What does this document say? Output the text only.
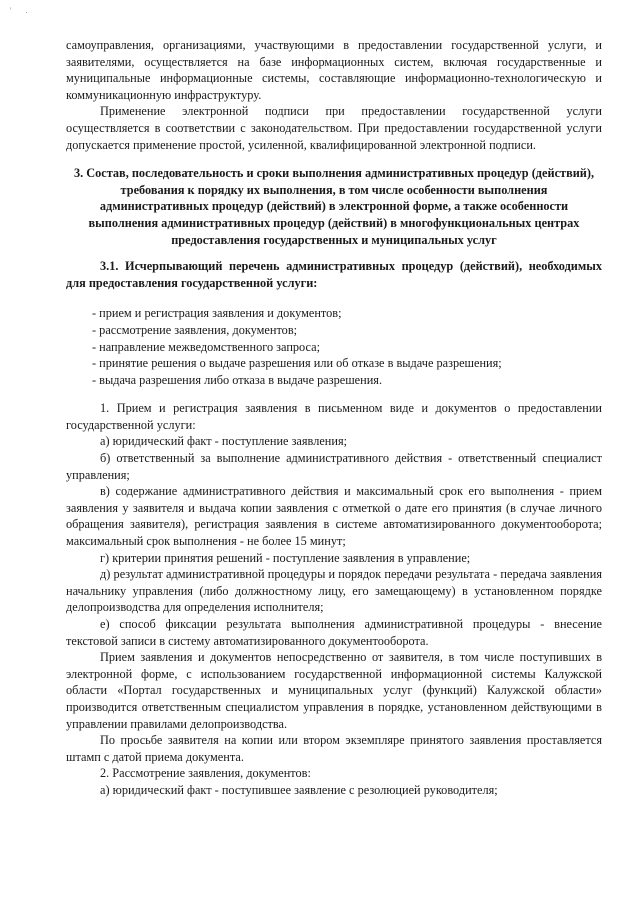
' .

самоуправления, организациями, участвующими в предоставлении государственной услуги, и заявителями, осуществляется на базе информационных систем, включая государственные и муниципальные информационные системы, составляющие информационно-технологическую и коммуникационную инфраструктуру.

Применение электронной подписи при предоставлении государственной услуги осуществляется в соответствии с законодательством. При предоставлении государственной услуги допускается применение простой, усиленной, квалифицированной электронной подписи.

3. Состав, последовательность и сроки выполнения административных процедур (действий), требования к порядку их выполнения, в том числе особенности выполнения административных процедур (действий) в электронной форме, а также особенности выполнения административных процедур (действий) в многофункциональных центрах предоставления государственных и муниципальных услуг

3.1. Исчерпывающий перечень административных процедур (действий), необходимых для предоставления государственной услуги:

- прием и регистрация заявления и документов;
- рассмотрение заявления, документов;
- направление межведомственного запроса;
- принятие решения о выдаче разрешения или об отказе в выдаче разрешения;
- выдача разрешения либо отказа в выдаче разрешения.

1. Прием и регистрация заявления в письменном виде и документов о предоставлении государственной услуги:

а) юридический факт - поступление заявления;

б) ответственный за выполнение административного действия - ответственный специалист управления;

в) содержание административного действия и максимальный срок его выполнения - прием заявления у заявителя и выдача копии заявления с отметкой о дате его принятия (в случае личного обращения заявителя), регистрация заявления в системе автоматизированного документооборота; максимальный срок выполнения - не более 15 минут;

г) критерии принятия решений - поступление заявления в управление;

д) результат административной процедуры и порядок передачи результата - передача заявления начальнику управления (либо должностному лицу, его замещающему) в установленном порядке делопроизводства для определения исполнителя;

е) способ фиксации результата выполнения административной процедуры - внесение текстовой записи в систему автоматизированного документооборота.

Прием заявления и документов непосредственно от заявителя, в том числе поступивших в электронной форме, с использованием государственной информационной системы Калужской области «Портал государственных и муниципальных услуг (функций) Калужской области» производится ответственным специалистом управления в порядке, установленном действующими в управлении правилами делопроизводства.

По просьбе заявителя на копии или втором экземпляре принятого заявления проставляется штамп с датой приема документа.

2. Рассмотрение заявления, документов:

а) юридический факт - поступившее заявление с резолюцией руководителя;
